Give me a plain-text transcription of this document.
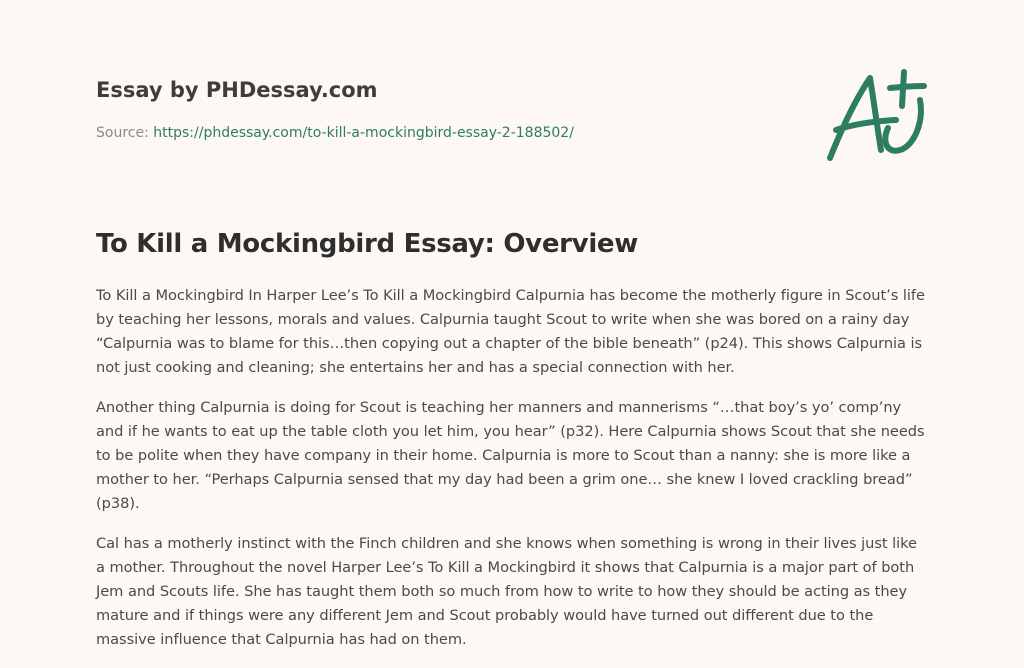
Essay by PHDessay.com
Source: https://phdessay.com/to-kill-a-mockingbird-essay-2-188502/
To Kill a Mockingbird Essay: Overview

To Kill a Mockingbird In Harper Lee’s To Kill a Mockingbird Calpurnia has become the motherly figure in Scout’s life by teaching her lessons, morals and values. Calpurnia taught Scout to write when she was bored on a rainy day “Calpurnia was to blame for this…then copying out a chapter of the bible beneath” (p24). This shows Calpurnia is not just cooking and cleaning; she entertains her and has a special connection with her.

Another thing Calpurnia is doing for Scout is teaching her manners and mannerisms “…that boy’s yo’ comp’ny and if he wants to eat up the table cloth you let him, you hear” (p32). Here Calpurnia shows Scout that she needs to be polite when they have company in their home. Calpurnia is more to Scout than a nanny: she is more like a mother to her. “Perhaps Calpurnia sensed that my day had been a grim one… she knew I loved crackling bread” (p38).

Cal has a motherly instinct with the Finch children and she knows when something is wrong in their lives just like a mother. Throughout the novel Harper Lee’s To Kill a Mockingbird it shows that Calpurnia is a major part of both Jem and Scouts life. She has taught them both so much from how to write to how they should be acting as they mature and if things were any different Jem and Scout probably would have turned out different due to the massive influence that Calpurnia has had on them.
